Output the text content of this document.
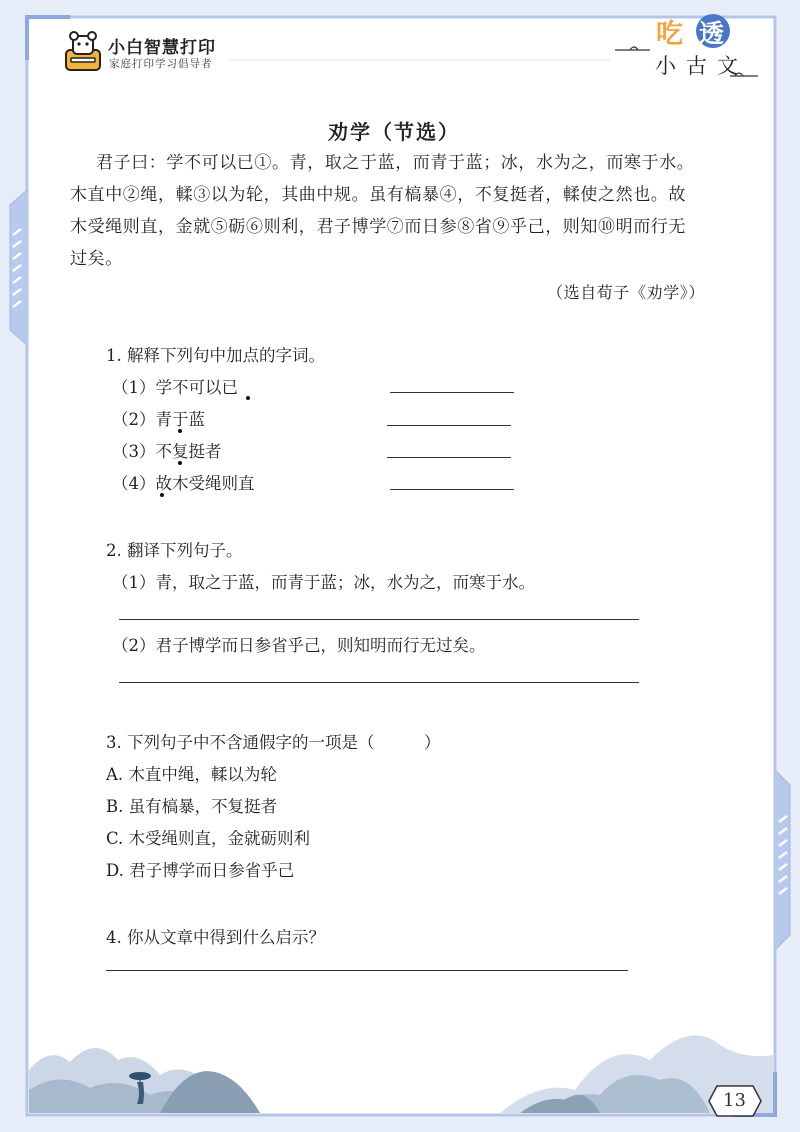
小白智慧打印
家庭打印学习倡导者
吃 透
小古文
劝学（节选）
君子曰：学不可以已①。青，取之于蓝，而青于蓝；冰，水为之，而寒于水。
木直中②绳，輮③以为轮，其曲中规。虽有槁暴④，不复挺者，輮使之然也。故
木受绳则直，金就⑤砺⑥则利，君子博学⑦而日参⑧省⑨乎己，则知⑩明而行无
过矣。
（选自荀子《劝学》）
1. 解释下列句中加点的字词。
（1）学不可以已
（2）青于蓝
（3）不复挺者
（4）故木受绳则直
2. 翻译下列句子。
（1）青，取之于蓝，而青于蓝；冰，水为之，而寒于水。
（2）君子博学而日参省乎己，则知明而行无过矣。
3. 下列句子中不含通假字的一项是（　　　）
A. 木直中绳，輮以为轮
B. 虽有槁暴，不复挺者
C. 木受绳则直，金就砺则利
D. 君子博学而日参省乎己
4. 你从文章中得到什么启示？
13
